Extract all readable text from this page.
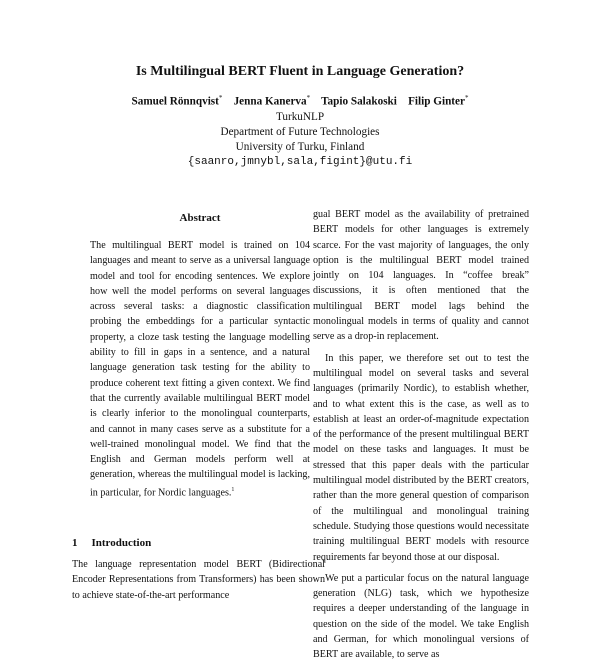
Is Multilingual BERT Fluent in Language Generation?
Samuel Rönnqvist* Jenna Kanerva* Tapio Salakoski Filip Ginter*
TurkuNLP
Department of Future Technologies
University of Turku, Finland
{saanro,jmnybl,sala,figint}@utu.fi
Abstract

The multilingual BERT model is trained on 104 languages and meant to serve as a universal language model and tool for encoding sentences. We explore how well the model performs on several languages across several tasks: a diagnostic classification probing the embeddings for a particular syntactic property, a cloze task testing the language modelling ability to fill in gaps in a sentence, and a natural language generation task testing for the ability to produce coherent text fitting a given context. We find that the currently available multilingual BERT model is clearly inferior to the monolingual counterparts, and cannot in many cases serve as a substitute for a well-trained monolingual model. We find that the English and German models perform well at generation, whereas the multilingual model is lacking, in particular, for Nordic languages.$^1$

1 Introduction

The language representation model BERT (Bidirectional Encoder Representations from Transformers) has been shown to achieve state-of-the-art performance

gual BERT model as the availability of pretrained BERT models for other languages is extremely scarce. For the vast majority of languages, the only option is the multilingual BERT model trained jointly on 104 languages. In “coffee break” discussions, it is often mentioned that the multilingual BERT model lags behind the monolingual models in terms of quality and cannot serve as a drop-in replacement.

In this paper, we therefore set out to test the multilingual model on several tasks and several languages (primarily Nordic), to establish whether, and to what extent this is the case, as well as to establish at least an order-of-magnitude expectation of the performance of the present multilingual BERT model on these tasks and languages. It must be stressed that this paper deals with the particular multilingual model distributed by the BERT creators, rather than the more general question of comparison of the multilingual and monolingual training schedule. Studying those questions would necessitate training multilingual BERT models with resource requirements far beyond those at our disposal.

We put a particular focus on the natural language generation (NLG) task, which we hypothesize requires a deeper understanding of the language in question on the side of the model. We take English and German, for which monolingual versions of BERT are available, to serve as
